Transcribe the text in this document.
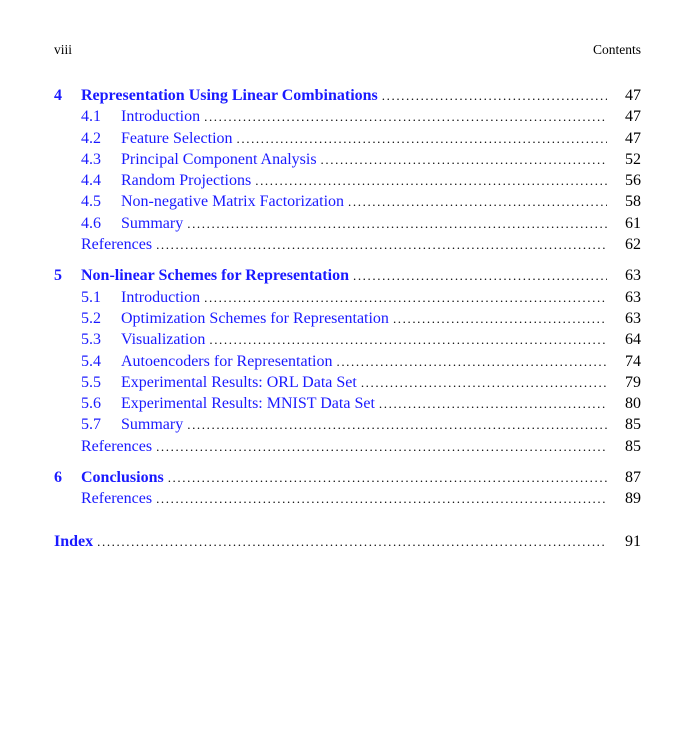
viii	Contents
4	Representation Using Linear Combinations .....	47
4.1	Introduction .....	47
4.2	Feature Selection .....	47
4.3	Principal Component Analysis .....	52
4.4	Random Projections .....	56
4.5	Non-negative Matrix Factorization .....	58
4.6	Summary .....	61
References .....	62
5	Non-linear Schemes for Representation .....	63
5.1	Introduction .....	63
5.2	Optimization Schemes for Representation .....	63
5.3	Visualization .....	64
5.4	Autoencoders for Representation .....	74
5.5	Experimental Results: ORL Data Set .....	79
5.6	Experimental Results: MNIST Data Set .....	80
5.7	Summary .....	85
References .....	85
6	Conclusions .....	87
References .....	89
Index .....	91
